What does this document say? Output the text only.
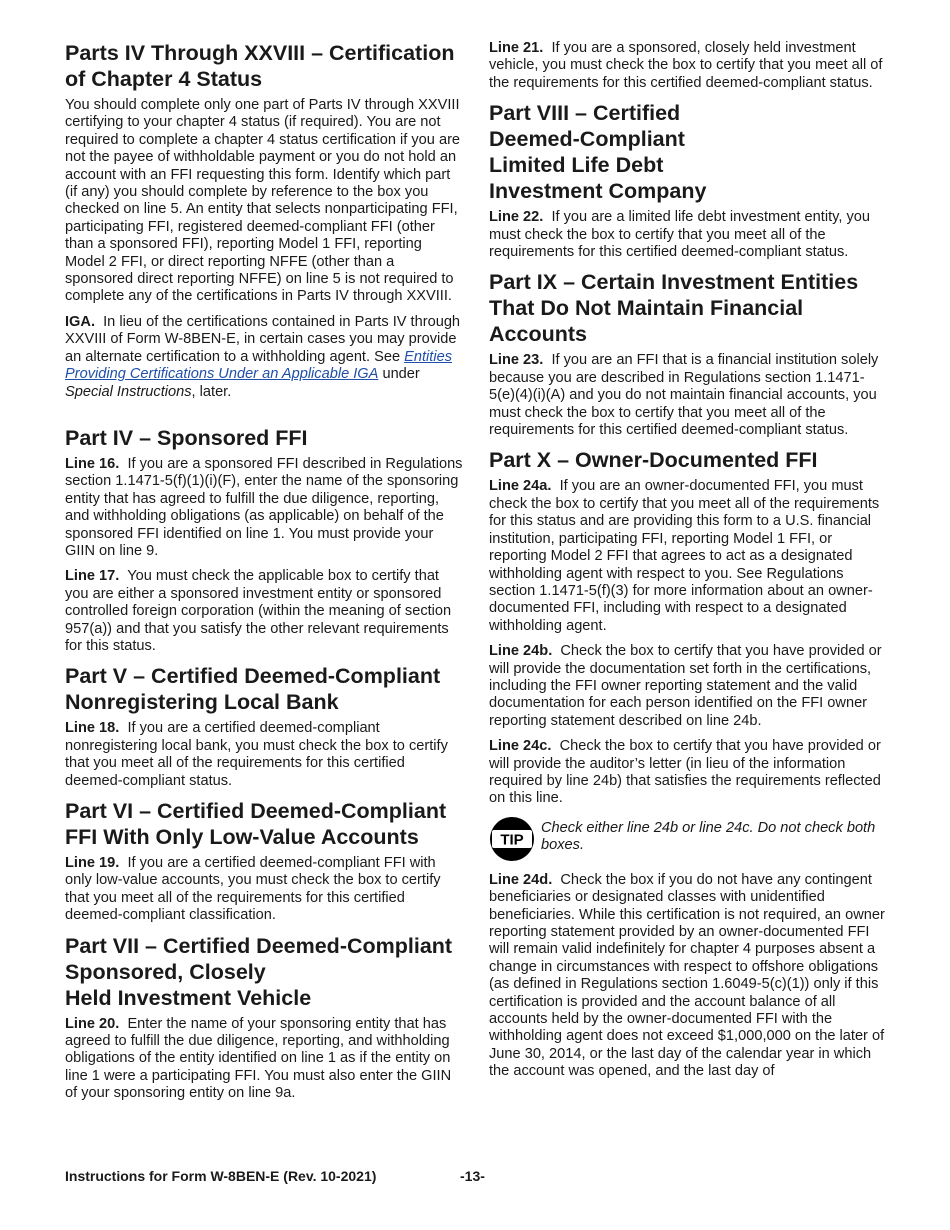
Parts IV Through XXVIII – Certification of Chapter 4 Status

You should complete only one part of Parts IV through XXVIII certifying to your chapter 4 status (if required). You are not required to complete a chapter 4 status certification if you are not the payee of withholdable payment or you do not hold an account with an FFI requesting this form. Identify which part (if any) you should complete by reference to the box you checked on line 5. An entity that selects nonparticipating FFI, participating FFI, registered deemed-compliant FFI (other than a sponsored FFI), reporting Model 1 FFI, reporting Model 2 FFI, or direct reporting NFFE (other than a sponsored direct reporting NFFE) on line 5 is not required to complete any of the certifications in Parts IV through XXVIII.

IGA. In lieu of the certifications contained in Parts IV through XXVIII of Form W-8BEN-E, in certain cases you may provide an alternate certification to a withholding agent. See Entities Providing Certifications Under an Applicable IGA under Special Instructions, later.

Part IV – Sponsored FFI

Line 16. If you are a sponsored FFI described in Regulations section 1.1471-5(f)(1)(i)(F), enter the name of the sponsoring entity that has agreed to fulfill the due diligence, reporting, and withholding obligations (as applicable) on behalf of the sponsored FFI identified on line 1. You must provide your GIIN on line 9.

Line 17. You must check the applicable box to certify that you are either a sponsored investment entity or sponsored controlled foreign corporation (within the meaning of section 957(a)) and that you satisfy the other relevant requirements for this status.

Part V – Certified Deemed-Compliant Nonregistering Local Bank

Line 18. If you are a certified deemed-compliant nonregistering local bank, you must check the box to certify that you meet all of the requirements for this certified deemed-compliant status.

Part VI – Certified Deemed-Compliant FFI With Only Low-Value Accounts

Line 19. If you are a certified deemed-compliant FFI with only low-value accounts, you must check the box to certify that you meet all of the requirements for this certified deemed-compliant classification.

Part VII – Certified Deemed-Compliant Sponsored, Closely
Held Investment Vehicle

Line 20. Enter the name of your sponsoring entity that has agreed to fulfill the due diligence, reporting, and withholding obligations of the entity identified on line 1 as if the entity on line 1 were a participating FFI. You must also enter the GIIN of your sponsoring entity on line 9a.

Line 21. If you are a sponsored, closely held investment vehicle, you must check the box to certify that you meet all of the requirements for this certified deemed-compliant status.

Part VIII – Certified
Deemed-Compliant
Limited Life Debt
Investment Company

Line 22. If you are a limited life debt investment entity, you must check the box to certify that you meet all of the requirements for this certified deemed-compliant status.

Part IX – Certain Investment Entities That Do Not Maintain Financial Accounts

Line 23. If you are an FFI that is a financial institution solely because you are described in Regulations section 1.1471-5(e)(4)(i)(A) and you do not maintain financial accounts, you must check the box to certify that you meet all of the requirements for this certified deemed-compliant status.

Part X – Owner-Documented FFI

Line 24a. If you are an owner-documented FFI, you must check the box to certify that you meet all of the requirements for this status and are providing this form to a U.S. financial institution, participating FFI, reporting Model 1 FFI, or reporting Model 2 FFI that agrees to act as a designated withholding agent with respect to you. See Regulations section 1.1471-5(f)(3) for more information about an owner-documented FFI, including with respect to a designated withholding agent.

Line 24b. Check the box to certify that you have provided or will provide the documentation set forth in the certifications, including the FFI owner reporting statement and the valid documentation for each person identified on the FFI owner reporting statement described on line 24b.

Line 24c. Check the box to certify that you have provided or will provide the auditor’s letter (in lieu of the information required by line 24b) that satisfies the requirements reflected on this line.

TIP
Check either line 24b or line 24c. Do not check both boxes.

Line 24d. Check the box if you do not have any contingent beneficiaries or designated classes with unidentified beneficiaries. While this certification is not required, an owner reporting statement provided by an owner-documented FFI will remain valid indefinitely for chapter 4 purposes absent a change in circumstances with respect to offshore obligations (as defined in Regulations section 1.6049-5(c)(1)) only if this certification is provided and the account balance of all accounts held by the owner-documented FFI with the withholding agent does not exceed $1,000,000 on the later of June 30, 2014, or the last day of the calendar year in which the account was opened, and the last day of

Instructions for Form W-8BEN-E (Rev. 10-2021)	-13-
